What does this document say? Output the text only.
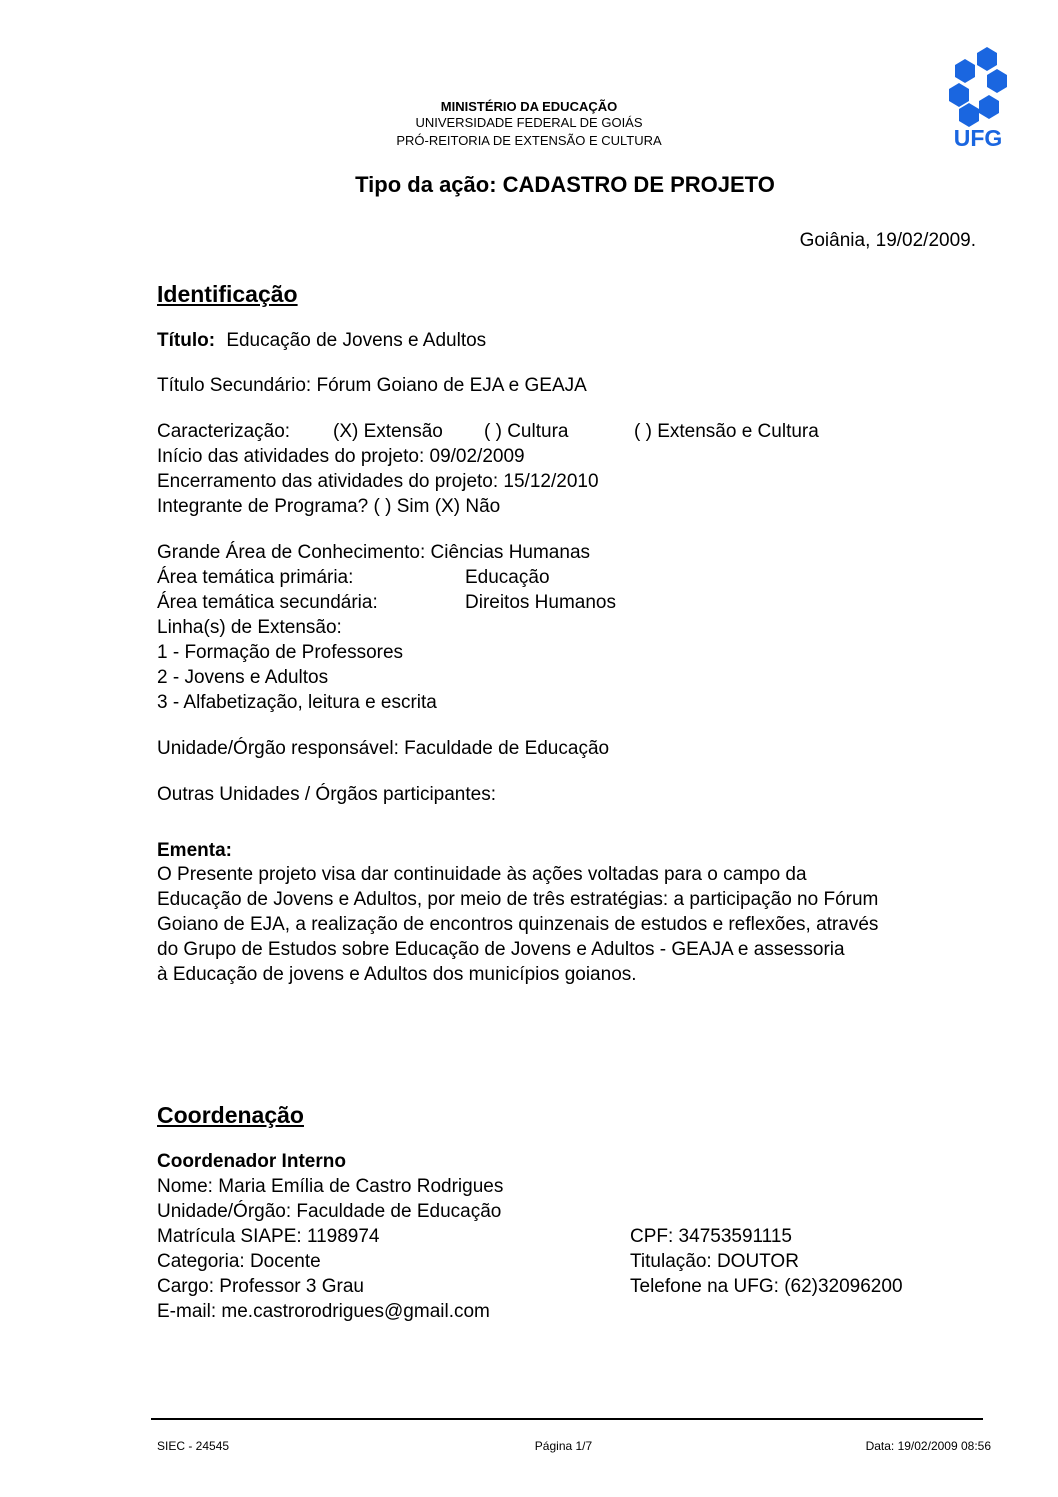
MINISTÉRIO DA EDUCAÇÃO
UNIVERSIDADE FEDERAL DE GOIÁS
PRÓ-REITORIA DE EXTENSÃO E CULTURA	UFG
Tipo da ação: CADASTRO DE PROJETO
Goiânia, 19/02/2009.
Identificação
Título: Educação de Jovens e Adultos
Título Secundário: Fórum Goiano de EJA e GEAJA
Caracterização: (X) Extensão ( ) Cultura	( ) Extensão e Cultura
Início das atividades do projeto: 09/02/2009
Encerramento das atividades do projeto: 15/12/2010
Integrante de Programa? ( ) Sim (X) Não
Grande Área de Conhecimento: Ciências Humanas
Área temática primária:	Educação
Área temática secundária:	Direitos Humanos
Linha(s) de Extensão:
1 - Formação de Professores
2 - Jovens e Adultos
3 - Alfabetização, leitura e escrita
Unidade/Órgão responsável: Faculdade de Educação
Outras Unidades / Órgãos participantes:
Ementa:
O Presente projeto visa dar continuidade às ações voltadas para o campo da
Educação de Jovens e Adultos, por meio de três estratégias: a participação no Fórum
Goiano de EJA, a realização de encontros quinzenais de estudos e reflexões, através
do Grupo de Estudos sobre Educação de Jovens e Adultos - GEAJA e assessoria
à Educação de jovens e Adultos dos municípios goianos.
Coordenação
Coordenador Interno
Nome: Maria Emília de Castro Rodrigues
Unidade/Órgão: Faculdade de Educação
Matrícula SIAPE: 1198974
Categoria: Docente
Cargo: Professor 3 Grau
E-mail: me.castrorodrigues@gmail.com
CPF: 34753591115
Titulação: DOUTOR
Telefone na UFG: (62)32096200
SIEC - 24545	Página 1/7	Data: 19/02/2009 08:56
